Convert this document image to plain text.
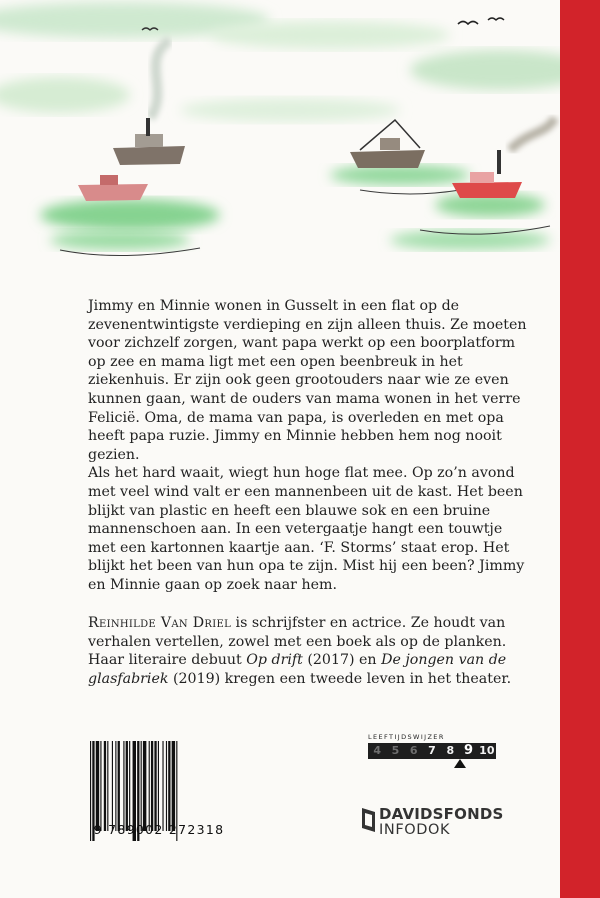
Jimmy en Minnie wonen in Gusselt in een flat op de zevenentwintigste verdieping en zijn alleen thuis. Ze moeten voor zichzelf zorgen, want papa werkt op een boorplatform op zee en mama ligt met een open beenbreuk in het ziekenhuis. Er zijn ook geen grootouders naar wie ze even kunnen gaan, want de ouders van mama wonen in het verre Feliciё. Oma, de mama van papa, is overleden en met opa heeft papa ruzie. Jimmy en Minnie hebben hem nog nooit gezien.

Als het hard waait, wiegt hun hoge flat mee. Op zo’n avond met veel wind valt er een mannenbeen uit de kast. Het been blijkt van plastic en heeft een blauwe sok en een bruine mannenschoen aan. In een vetergaatje hangt een touwtje met een kartonnen kaartje aan. ‘F. Storms’ staat erop. Het blijkt het been van hun opa te zijn. Mist hij een been? Jimmy en Minnie gaan op zoek naar hem.

Reinhilde Van Driel is schrijfster en actrice. Ze houdt van verhalen vertellen, zowel met een boek als op de planken. Haar literaire debuut Op drift (2017) en De jongen van de glasfabriek (2019) kregen een tweede leven in het theater.

9 789002 272318
LEEFTIJDSWIJZER
4 5 6 7 8 9 10
DAVIDSFONDS
INFODOK
